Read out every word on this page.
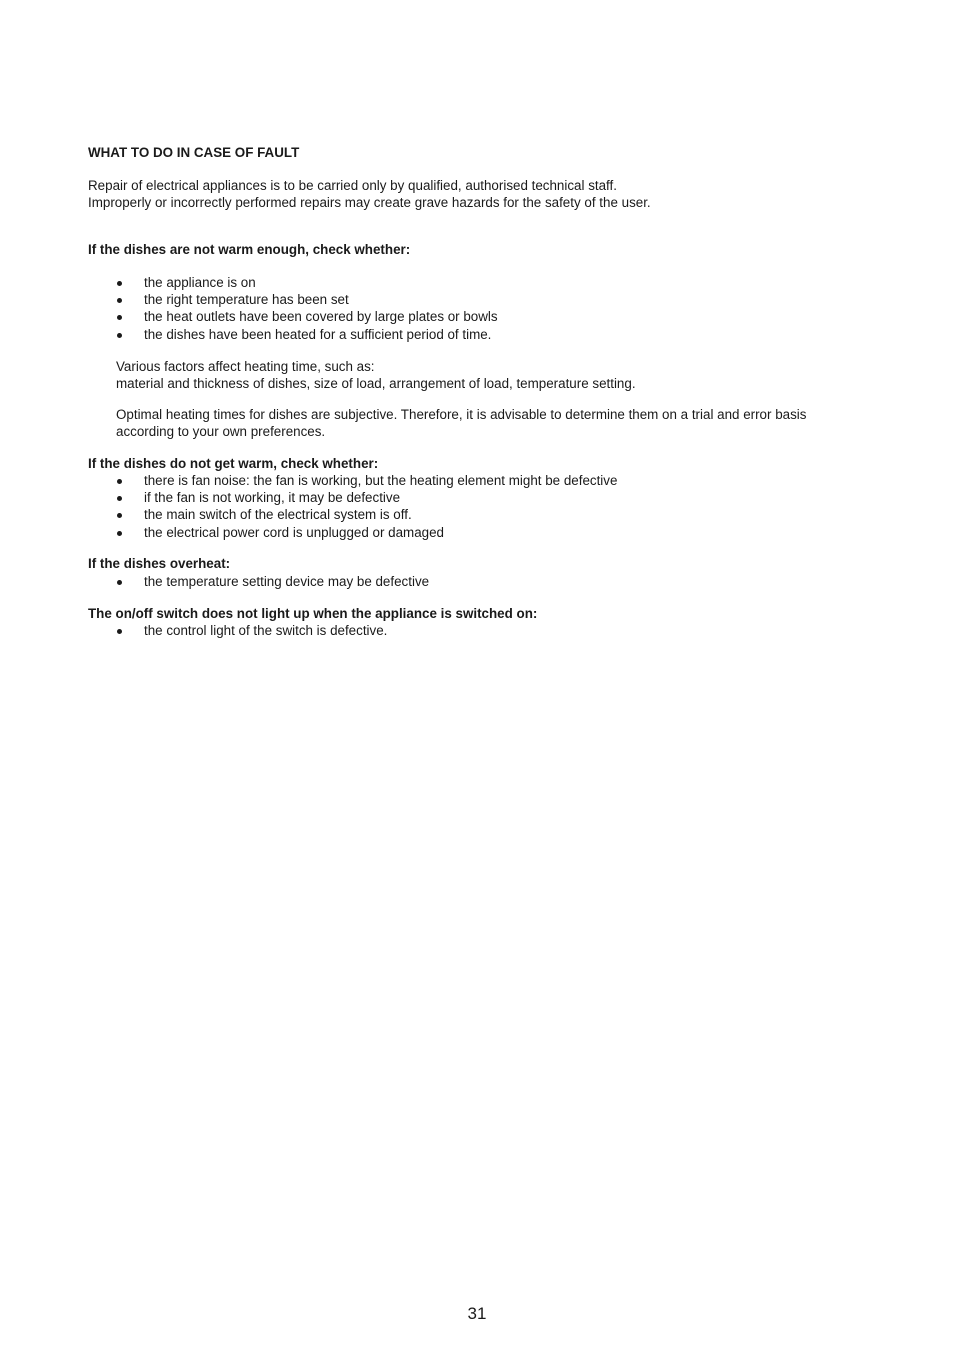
WHAT TO DO IN CASE OF FAULT
Repair of electrical appliances is to be carried only by qualified, authorised technical staff.
Improperly or incorrectly performed repairs may create grave hazards for the safety of the user.
If the dishes are not warm enough, check whether:
the appliance is on
the right temperature has been set
the heat outlets have been covered by large plates or bowls
the dishes have been heated for a sufficient period of time.
Various factors affect heating time, such as:
material and thickness of dishes, size of load, arrangement of load, temperature setting.
Optimal heating times for dishes are subjective. Therefore, it is advisable to determine them on a trial and error basis
according to your own preferences.
If the dishes do not get warm, check whether:
there is fan noise: the fan is working, but the heating element might be defective
if the fan is not working, it may be defective
the main switch of the electrical system is off.
the electrical power cord is unplugged or damaged
If the dishes overheat:
the temperature setting device may be defective
The on/off switch does not light up when the appliance is switched on:
the control light of the switch is defective.
31
